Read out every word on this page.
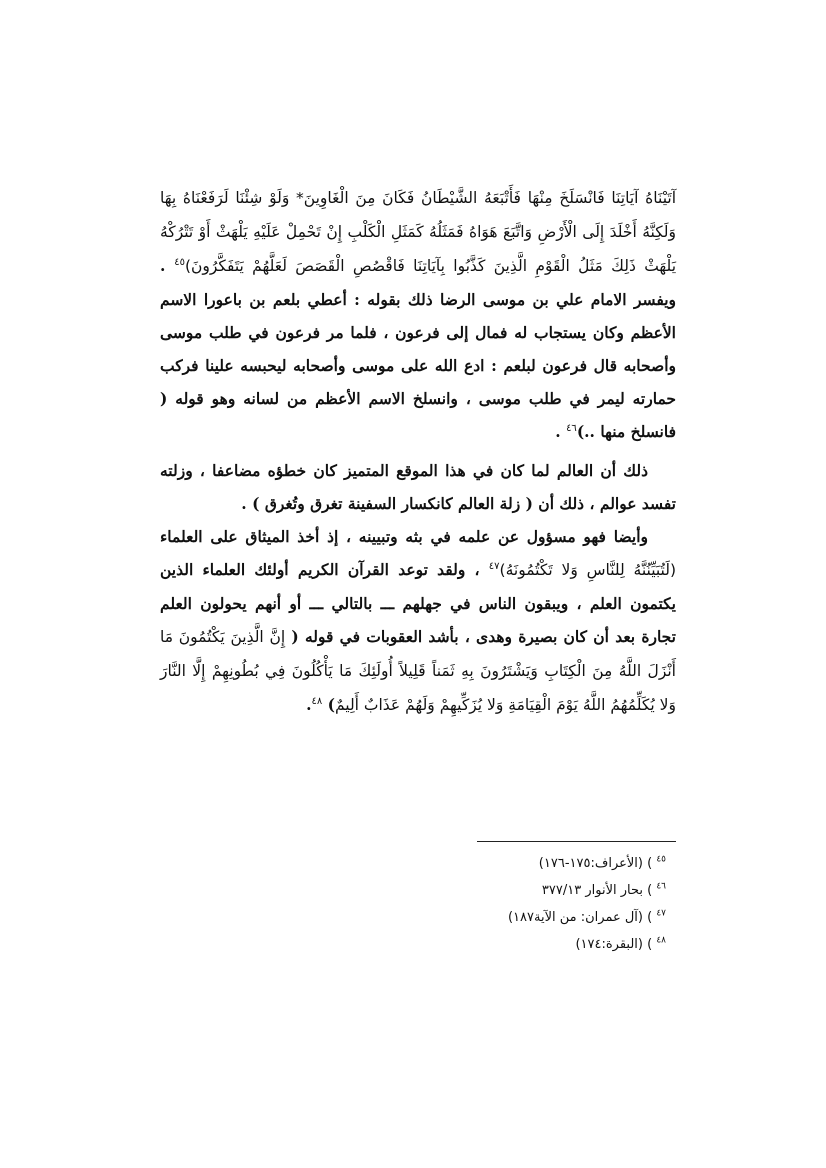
آتَيْنَاهُ آيَاتِنَا فَانْسَلَخَ مِنْهَا فَأَتْبَعَهُ الشَّيْطَانُ فَكَانَ مِنَ الْغَاوِينَ* وَلَوْ شِئْنَا لَرَفَعْنَاهُ بِهَا وَلَكِنَّهُ أَخْلَدَ إِلَى الْأَرْضِ وَاتَّبَعَ هَوَاهُ فَمَثَلُهُ كَمَثَلِ الْكَلْبِ إِنْ تَحْمِلْ عَلَيْهِ يَلْهَثْ أَوْ تَتْرُكْهُ يَلْهَثْ ذَلِكَ مَثَلُ الْقَوْمِ الَّذِينَ كَذَّبُوا بِآيَاتِنَا فَاقْصُصِ الْقَصَصَ لَعَلَّهُمْ يَتَفَكَّرُونَ)$^{٤٥}$ . ويفسر الامام علي بن موسى الرضا ذلك بقوله : أعطي بلعم بن باعورا الاسم الأعظم وكان يستجاب له فمال إلى فرعون ، فلما مر فرعون في طلب موسى وأصحابه قال فرعون لبلعم : ادع الله على موسى وأصحابه ليحبسه علينا فركب حمارته ليمر في طلب موسى ، وانسلخ الاسم الأعظم من لسانه وهو قوله ( فانسلخ منها ..)$^{٤٦}$ .

ذلك أن العالم لما كان في هذا الموقع المتميز كان خطؤه مضاعفا ، وزلته تفسد عوالم ، ذلك أن ( زلة العالم كانكسار السفينة تغرق وتُغرق ) .

وأيضا فهو مسؤول عن علمه في بثه وتبيينه ، إذ أخذ الميثاق على العلماء (لَتُبَيِّنُنَّهُ لِلنَّاسِ وَلا تَكْتُمُونَهُ)$^{٤٧}$ ، ولقد توعد القرآن الكريم أولئك العلماء الذين يكتمون العلم ، ويبقون الناس في جهلهم ـــ بالتالي ـــ أو أنهم يحولون العلم تجارة بعد أن كان بصيرة وهدى ، بأشد العقوبات في قوله ( إِنَّ الَّذِينَ يَكْتُمُونَ مَا أَنْزَلَ اللَّهُ مِنَ الْكِتَابِ وَيَشْتَرُونَ بِهِ ثَمَناً قَلِيلاً أُولَئِكَ مَا يَأْكُلُونَ فِي بُطُونِهِمْ إِلَّا النَّارَ وَلا يُكَلِّمُهُمُ اللَّهُ يَوْمَ الْقِيَامَةِ وَلا يُزَكِّيهِمْ وَلَهُمْ عَذَابٌ أَلِيمٌ) $^{٤٨}$.

$^{٤٥}$ ) (الأعراف:١٧٥-١٧٦)

$^{٤٦}$ ) بحار الأنوار ٣٧٧/١٣

$^{٤٧}$ ) (آل عمران: من الآية١٨٧)

$^{٤٨}$ ) (البقرة:١٧٤)
